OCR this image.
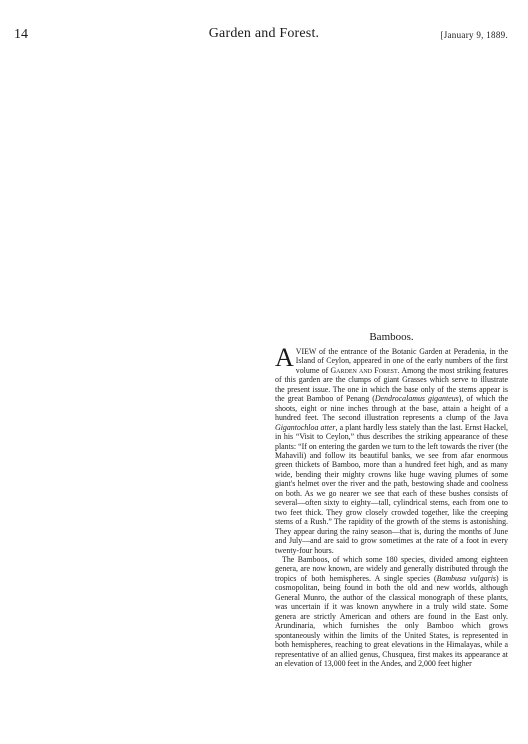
14	Garden and Forest.	[January 9, 1889.
Bamboos.

A VIEW of the entrance of the Botanic Garden at Peradenia, in the Island of Ceylon, appeared in one of the early numbers of the first volume of Garden and Forest. Among the most striking features of this garden are the clumps of giant Grasses which serve to illustrate the present issue. The one in which the base only of the stems appear is the great Bamboo of Penang (Dendrocalamus giganteus), of which the shoots, eight or nine inches through at the base, attain a height of a hundred feet. The second illustration represents a clump of the Java Gigantochloa atter, a plant hardly less stately than the last. Ernst Hackel, in his “Visit to Ceylon,” thus describes the striking appearance of these plants: “If on entering the garden we turn to the left towards the river (the Mahavili) and follow its beautiful banks, we see from afar enormous green thickets of Bamboo, more than a hundred feet high, and as many wide, bending their mighty crowns like huge waving plumes of some giant's helmet over the river and the path, bestowing shade and coolness on both. As we go nearer we see that each of these bushes consists of several—often sixty to eighty—tall, cylindrical stems, each from one to two feet thick. They grow closely crowded together, like the creeping stems of a Rush.” The rapidity of the growth of the stems is astonishing. They appear during the rainy season—that is, during the months of June and July—and are said to grow sometimes at the rate of a foot in every twenty-four hours.

The Bamboos, of which some 180 species, divided among eighteen genera, are now known, are widely and generally distributed through the tropics of both hemispheres. A single species (Bambusa vulgaris) is cosmopolitan, being found in both the old and new worlds, although General Munro, the author of the classical monograph of these plants, was uncertain if it was known anywhere in a truly wild state. Some genera are strictly American and others are found in the East only. Arundinaria, which furnishes the only Bamboo which grows spontaneously within the limits of the United States, is represented in both hemispheres, reaching to great elevations in the Himalayas, while a representative of an allied genus, Chusquea, first makes its appearance at an elevation of 13,000 feet in the Andes, and 2,000 feet higher
